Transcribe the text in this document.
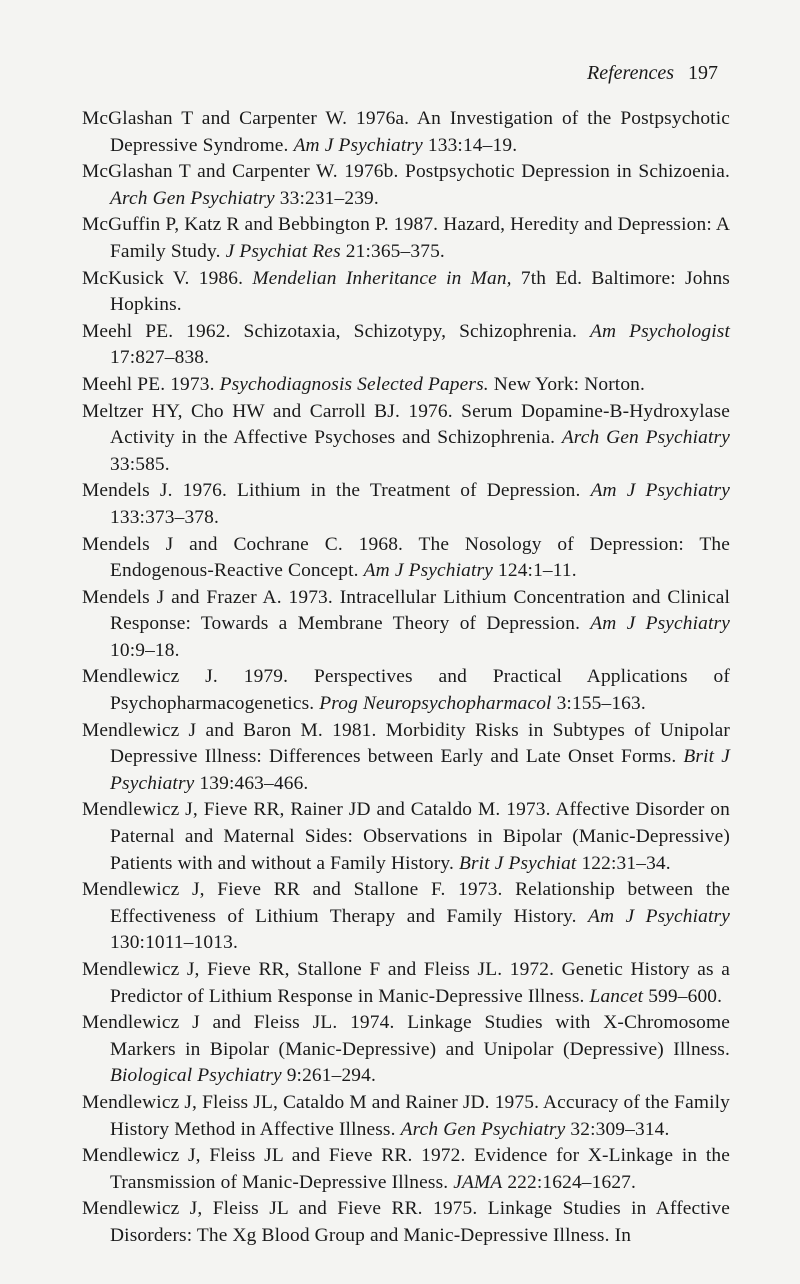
References 197

McGlashan T and Carpenter W. 1976a. An Investigation of the Postpsychotic Depressive Syndrome. Am J Psychiatry 133:14–19.

McGlashan T and Carpenter W. 1976b. Postpsychotic Depression in Schizoenia. Arch Gen Psychiatry 33:231–239.

McGuffin P, Katz R and Bebbington P. 1987. Hazard, Heredity and Depression: A Family Study. J Psychiat Res 21:365–375.

McKusick V. 1986. Mendelian Inheritance in Man, 7th Ed. Baltimore: Johns Hopkins.

Meehl PE. 1962. Schizotaxia, Schizotypy, Schizophrenia. Am Psychologist 17:827–838.

Meehl PE. 1973. Psychodiagnosis Selected Papers. New York: Norton.

Meltzer HY, Cho HW and Carroll BJ. 1976. Serum Dopamine-B-Hydroxylase Activity in the Affective Psychoses and Schizophrenia. Arch Gen Psychiatry 33:585.

Mendels J. 1976. Lithium in the Treatment of Depression. Am J Psychiatry 133:373–378.

Mendels J and Cochrane C. 1968. The Nosology of Depression: The Endogenous-Reactive Concept. Am J Psychiatry 124:1–11.

Mendels J and Frazer A. 1973. Intracellular Lithium Concentration and Clinical Response: Towards a Membrane Theory of Depression. Am J Psychiatry 10:9–18.

Mendlewicz J. 1979. Perspectives and Practical Applications of Psychopharmacogenetics. Prog Neuropsychopharmacol 3:155–163.

Mendlewicz J and Baron M. 1981. Morbidity Risks in Subtypes of Unipolar Depressive Illness: Differences between Early and Late Onset Forms. Brit J Psychiatry 139:463–466.

Mendlewicz J, Fieve RR, Rainer JD and Cataldo M. 1973. Affective Disorder on Paternal and Maternal Sides: Observations in Bipolar (Manic-Depressive) Patients with and without a Family History. Brit J Psychiat 122:31–34.

Mendlewicz J, Fieve RR and Stallone F. 1973. Relationship between the Effectiveness of Lithium Therapy and Family History. Am J Psychiatry 130:1011–1013.

Mendlewicz J, Fieve RR, Stallone F and Fleiss JL. 1972. Genetic History as a Predictor of Lithium Response in Manic-Depressive Illness. Lancet 599–600.

Mendlewicz J and Fleiss JL. 1974. Linkage Studies with X-Chromosome Markers in Bipolar (Manic-Depressive) and Unipolar (Depressive) Illness. Biological Psychiatry 9:261–294.

Mendlewicz J, Fleiss JL, Cataldo M and Rainer JD. 1975. Accuracy of the Family History Method in Affective Illness. Arch Gen Psychiatry 32:309–314.

Mendlewicz J, Fleiss JL and Fieve RR. 1972. Evidence for X-Linkage in the Transmission of Manic-Depressive Illness. JAMA 222:1624–1627.

Mendlewicz J, Fleiss JL and Fieve RR. 1975. Linkage Studies in Affective Disorders: The Xg Blood Group and Manic-Depressive Illness. In
